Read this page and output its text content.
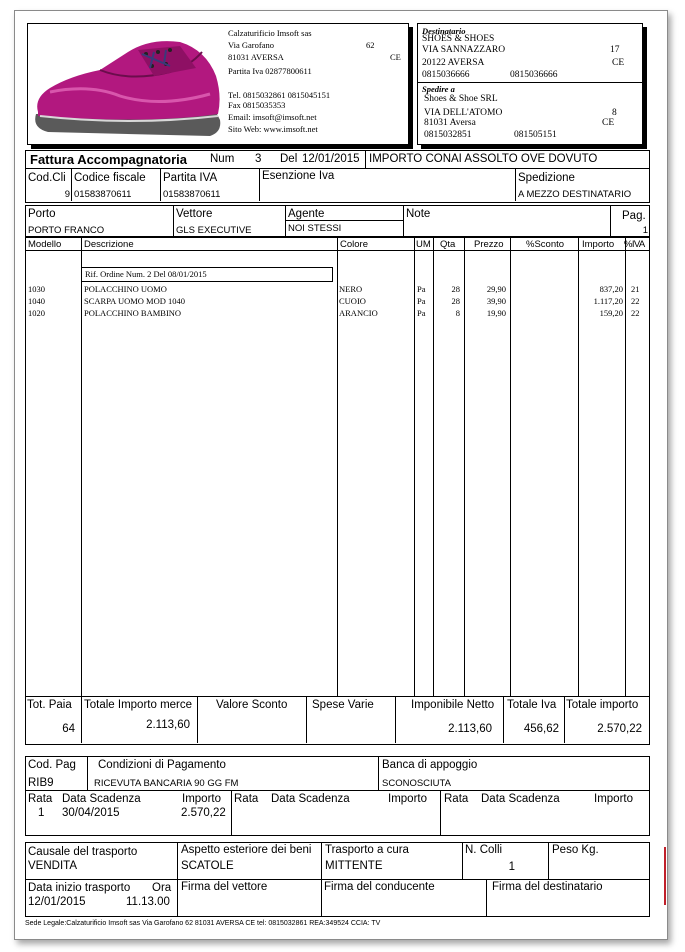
Calzaturificio Imsoft sas
Via Garofano	62
81031 AVERSA	CE
Partita Iva 02877800611
Tel. 0815032861 0815045151
Fax 0815035353
Email: imsoft@imsoft.net
Sito Web: www.imsoft.net
Destinatario
SHOES & SHOES
VIA SANNAZZARO	17
20122 AVERSA	CE
0815036666	0815036666
Spedire a
Shoes & Shoe SRL
VIA DELL'ATOMO	8
81031 Aversa	CE
0815032851	081505151
Fattura Accompagnatoria Num 3 Del 12/01/2015 IMPORTO CONAI ASSOLTO OVE DOVUTO
Cod.Cli
9
Codice fiscale
01583870611
Partita IVA
01583870611
Esenzione Iva	Spedizione
A MEZZO DESTINATARIO
Porto
PORTO FRANCO
Vettore
GLS EXECUTIVE
Agente
NOI STESSI
Note	Pag.
1
Modello Descrizione	Colore	UM Qta Prezzo %Sconto Importo %IVA
Rif. Ordine Num. 2 Del 08/01/2015
1030	POLACCHINO UOMO	NERO	Pa	28	29,90	837,20 21
1040	SCARPA UOMO MOD 1040	CUOIO	Pa	28	39,90	1.117,20 22
1020	POLACCHINO BAMBINO	ARANCIO	Pa	8	19,90	159,20 22
Tot. Paia
64
Totale Importo merce
2.113,60
Valore Sconto Spese Varie	Imponibile Netto
2.113,60
Totale Iva
456,62
Totale importo
2.570,22
Cod. Pag
RIB9
Condizioni di Pagamento
RICEVUTA BANCARIA 90 GG FM
Banca di appoggio
SCONOSCIUTA
Rata Data Scadenza	Importo
1 30/04/2015	2.570,22
Rata Data Scadenza	Importo Rata Data Scadenza	Importo
Causale del trasporto
VENDITA
Aspetto esteriore dei beni
SCATOLE
Trasporto a cura
MITTENTE
N. Colli
1
Peso Kg.
Data inizio trasporto Ora
12/01/2015	11.13.00
Firma del vettore	Firma del conducente	Firma del destinatario
Sede Legale:Calzaturificio Imsoft sas Via Garofano 62 81031 AVERSA CE tel: 0815032861 REA:349524 CCIA: TV
